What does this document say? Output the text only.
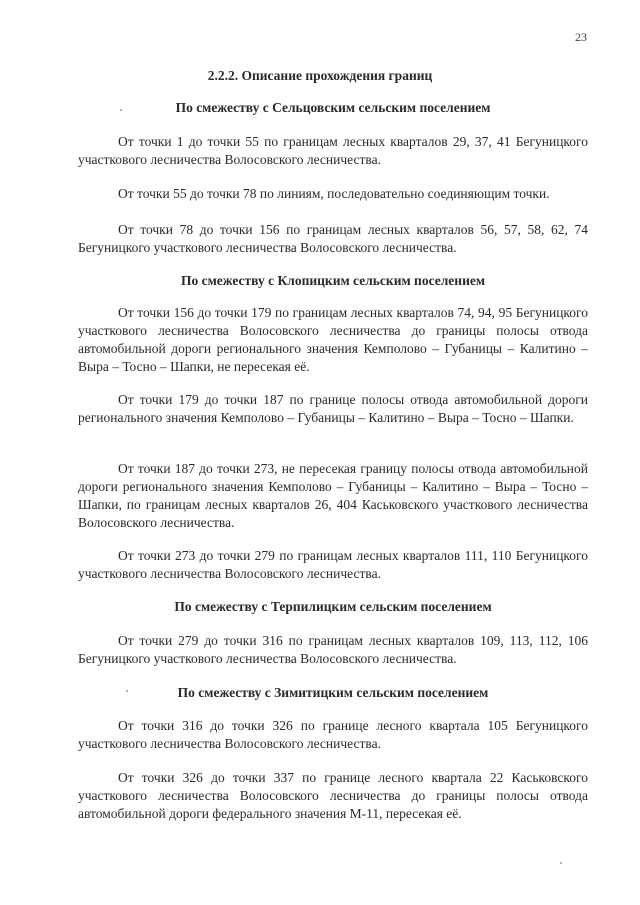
23
2.2.2. Описание прохождения границ
По смежеству с Сельцовским сельским поселением
От точки 1 до точки 55 по границам лесных кварталов 29, 37, 41 Бегуницкого участкового лесничества Волосовского лесничества.
От точки 55 до точки 78 по линиям, последовательно соединяющим точки.
От точки 78 до точки 156 по границам лесных кварталов 56, 57, 58, 62, 74 Бегуницкого участкового лесничества Волосовского лесничества.
По смежеству с Клопицким сельским поселением
От точки 156 до точки 179 по границам лесных кварталов 74, 94, 95 Бегуницкого участкового лесничества Волосовского лесничества до границы полосы отвода автомобильной дороги регионального значения Кемполово – Губаницы – Калитино – Выра – Тосно – Шапки, не пересекая её.
От точки 179 до точки 187 по границе полосы отвода автомобильной дороги регионального значения Кемполово – Губаницы – Калитино – Выра – Тосно – Шапки.
От точки 187 до точки 273, не пересекая границу полосы отвода автомобильной дороги регионального значения Кемполово – Губаницы – Калитино – Выра – Тосно – Шапки, по границам лесных кварталов 26, 404 Каськовского участкового лесничества Волосовского лесничества.
От точки 273 до точки 279 по границам лесных кварталов 111, 110 Бегуницкого участкового лесничества Волосовского лесничества.
По смежеству с Терпилицким сельским поселением
От точки 279 до точки 316 по границам лесных кварталов 109, 113, 112, 106 Бегуницкого участкового лесничества Волосовского лесничества.
По смежеству с Зимитицким сельским поселением
От точки 316 до точки 326 по границе лесного квартала 105 Бегуницкого участкового лесничества Волосовского лесничества.
От точки 326 до точки 337 по границе лесного квартала 22 Каськовского участкового лесничества Волосовского лесничества до границы полосы отвода автомобильной дороги федерального значения М-11, пересекая её.
